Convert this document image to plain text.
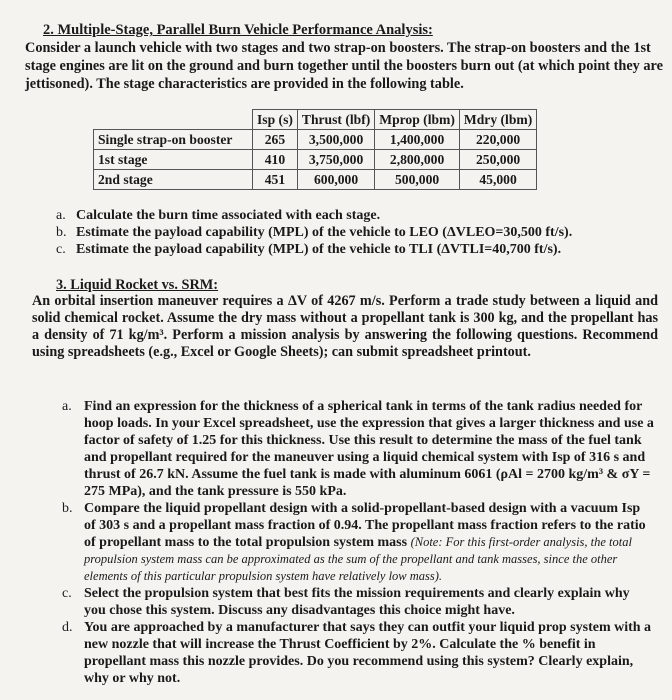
2. Multiple-Stage, Parallel Burn Vehicle Performance Analysis:
Consider a launch vehicle with two stages and two strap-on boosters. The strap-on boosters and the 1st stage engines are lit on the ground and burn together until the boosters burn out (at which point they are jettisoned). The stage characteristics are provided in the following table.
	Isp (s)	Thrust (lbf)	Mprop (lbm)	Mdry (lbm)
Single strap-on booster	265	3,500,000	1,400,000	220,000
1st stage	410	3,750,000	2,800,000	250,000
2nd stage	451	600,000	500,000	45,000
a. Calculate the burn time associated with each stage.
b. Estimate the payload capability (MPL) of the vehicle to LEO (ΔVLEO=30,500 ft/s).
c. Estimate the payload capability (MPL) of the vehicle to TLI (ΔVTLI=40,700 ft/s).
3. Liquid Rocket vs. SRM:
An orbital insertion maneuver requires a ΔV of 4267 m/s. Perform a trade study between a liquid and solid chemical rocket. Assume the dry mass without a propellant tank is 300 kg, and the propellant has a density of 71 kg/m³. Perform a mission analysis by answering the following questions. Recommend using spreadsheets (e.g., Excel or Google Sheets); can submit spreadsheet printout.
a. Find an expression for the thickness of a spherical tank in terms of the tank radius needed for hoop loads. In your Excel spreadsheet, use the expression that gives a larger thickness and use a factor of safety of 1.25 for this thickness. Use this result to determine the mass of the fuel tank and propellant required for the maneuver using a liquid chemical system with Isp of 316 s and thrust of 26.7 kN. Assume the fuel tank is made with aluminum 6061 (ρAl = 2700 kg/m³ & σY = 275 MPa), and the tank pressure is 550 kPa.
b. Compare the liquid propellant design with a solid-propellant-based design with a vacuum Isp of 303 s and a propellant mass fraction of 0.94. The propellant mass fraction refers to the ratio of propellant mass to the total propulsion system mass (Note: For this first-order analysis, the total propulsion system mass can be approximated as the sum of the propellant and tank masses, since the other elements of this particular propulsion system have relatively low mass).
c. Select the propulsion system that best fits the mission requirements and clearly explain why you chose this system. Discuss any disadvantages this choice might have.
d. You are approached by a manufacturer that says they can outfit your liquid prop system with a new nozzle that will increase the Thrust Coefficient by 2%. Calculate the % benefit in propellant mass this nozzle provides. Do you recommend using this system? Clearly explain, why or why not.
